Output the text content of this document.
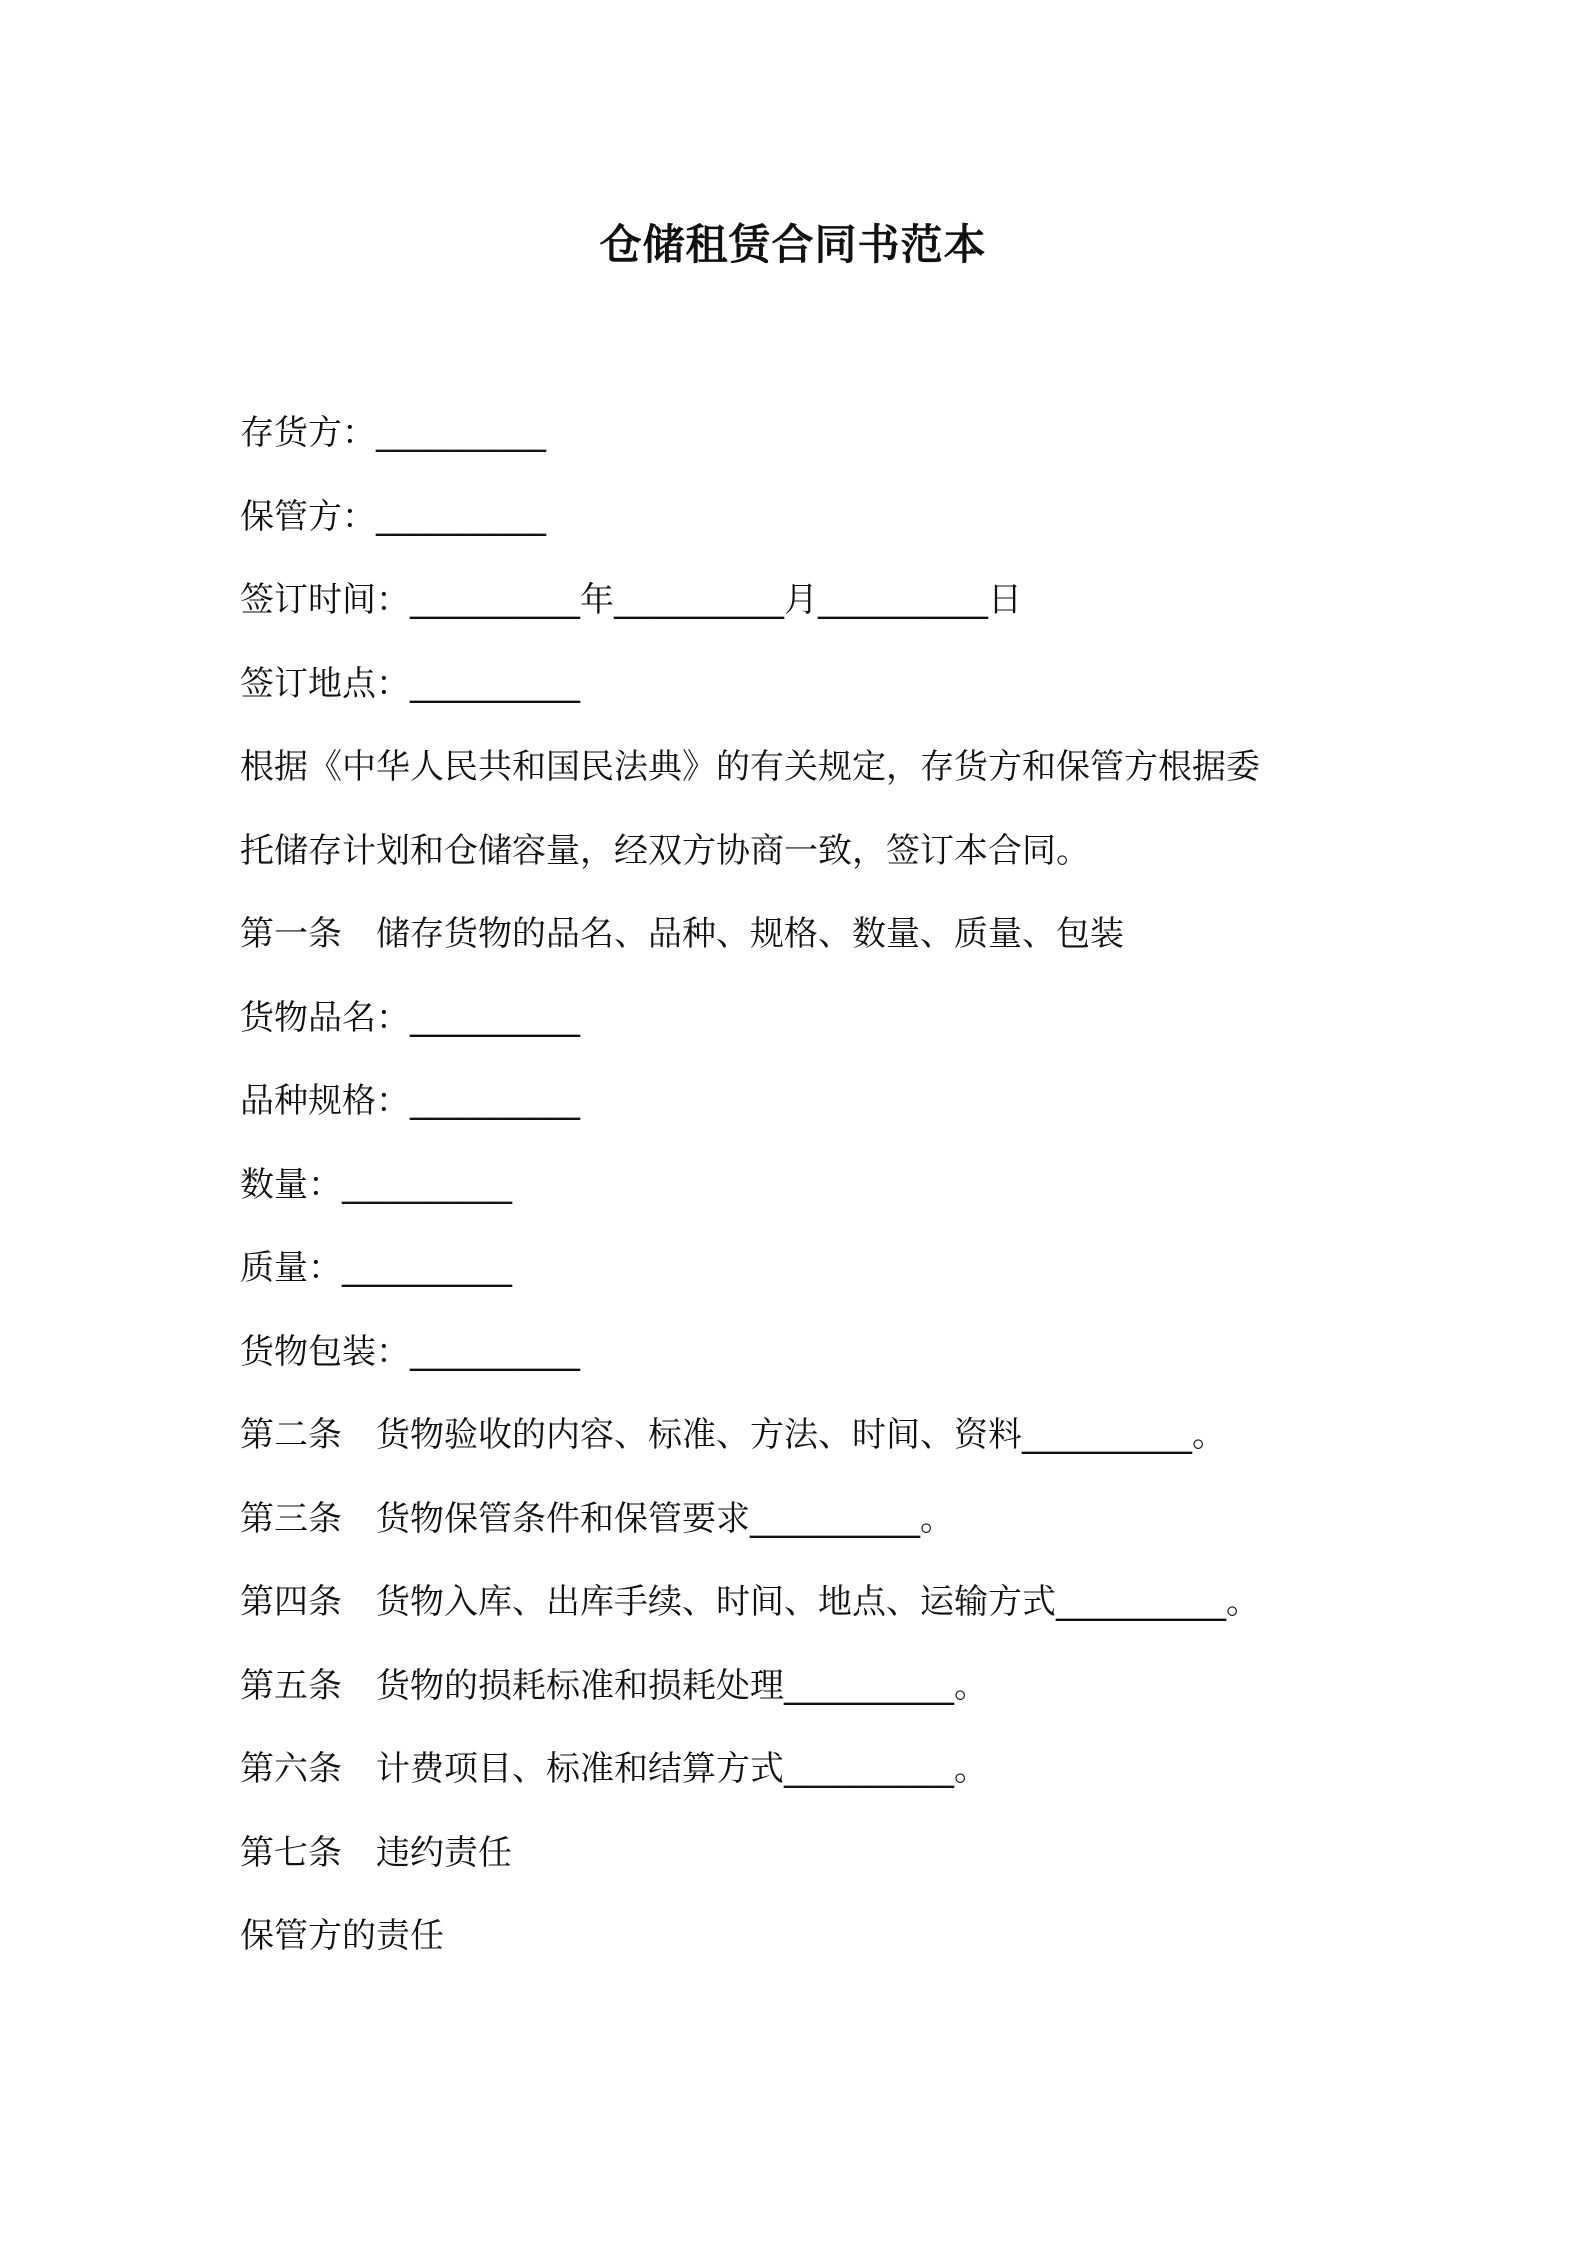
仓储租赁合同书范本
存货方：__________
保管方：__________
签订时间：__________年__________月__________日
签订地点：__________
根据《中华人民共和国民法典》的有关规定，存货方和保管方根据委
托储存计划和仓储容量，经双方协商一致，签订本合同。
第一条　储存货物的品名、品种、规格、数量、质量、包装
货物品名：__________
品种规格：__________
数量：__________
质量：__________
货物包装：__________
第二条　货物验收的内容、标准、方法、时间、资料__________。
第三条　货物保管条件和保管要求__________。
第四条　货物入库、出库手续、时间、地点、运输方式__________。
第五条　货物的损耗标准和损耗处理__________。
第六条　计费项目、标准和结算方式__________。
第七条　违约责任
保管方的责任
